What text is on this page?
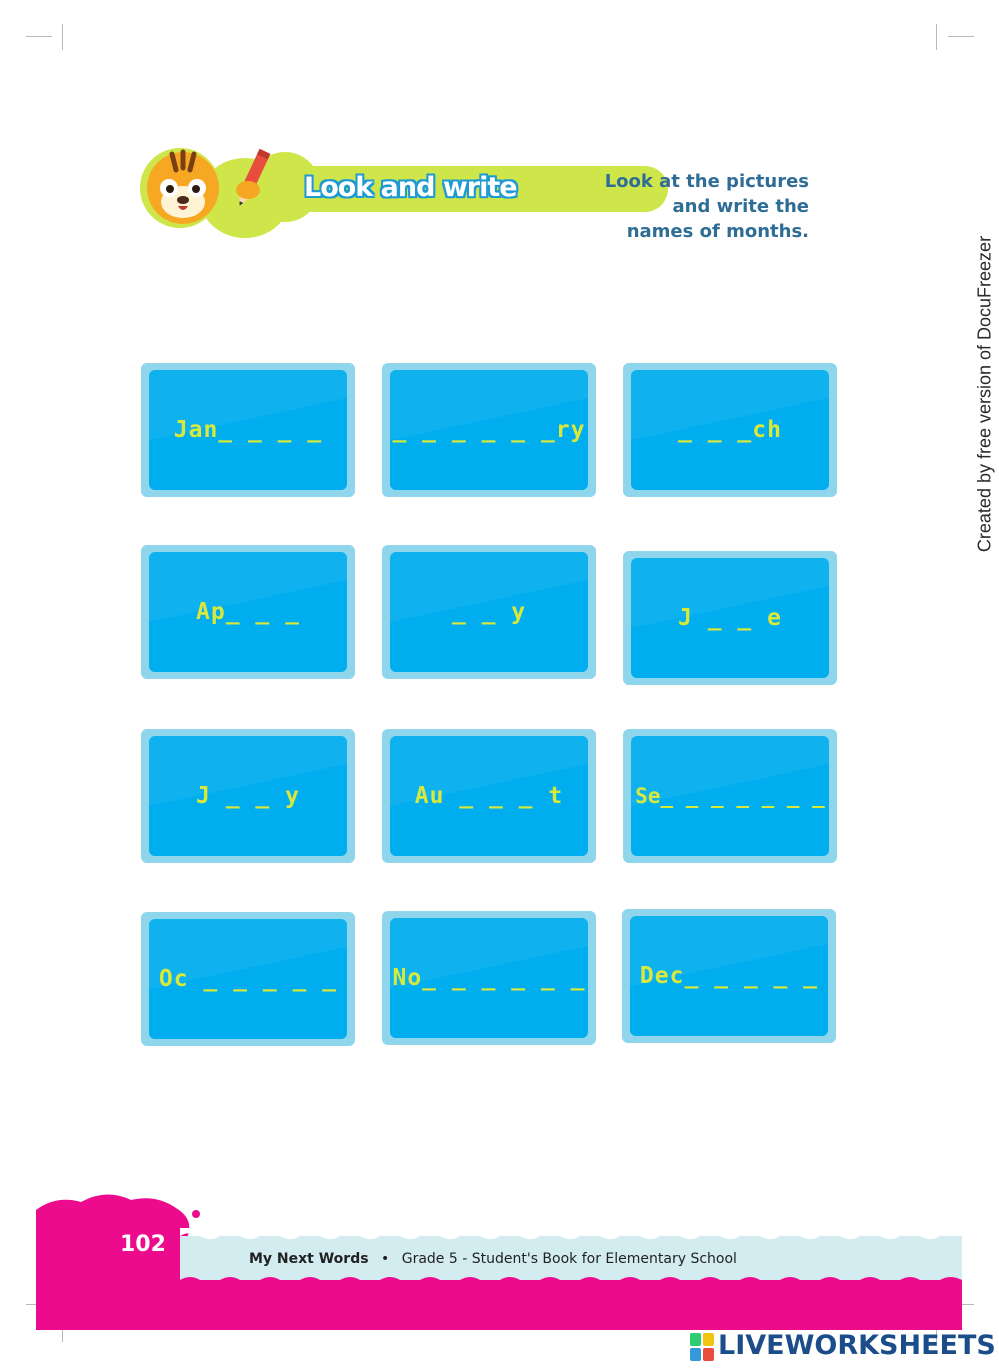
Look and write	Look at the pictures
and write the
names of months.
Created by free version of DocuFreezer
Jan_ _ _ _	_ _ _ _ _ _ry	_ _ _ch
Ap_ _ _	_ _ y	J _ _ e
J _ _ y	Au _ _ _ t	Se_ _ _ _ _ _ _
Oc _ _ _ _ _ No_ _ _ _ _ _ Dec_ _ _ _ _
102
My Next Words • Grade 5 - Student's Book for Elementary School
LIVEWORKSHEETS
